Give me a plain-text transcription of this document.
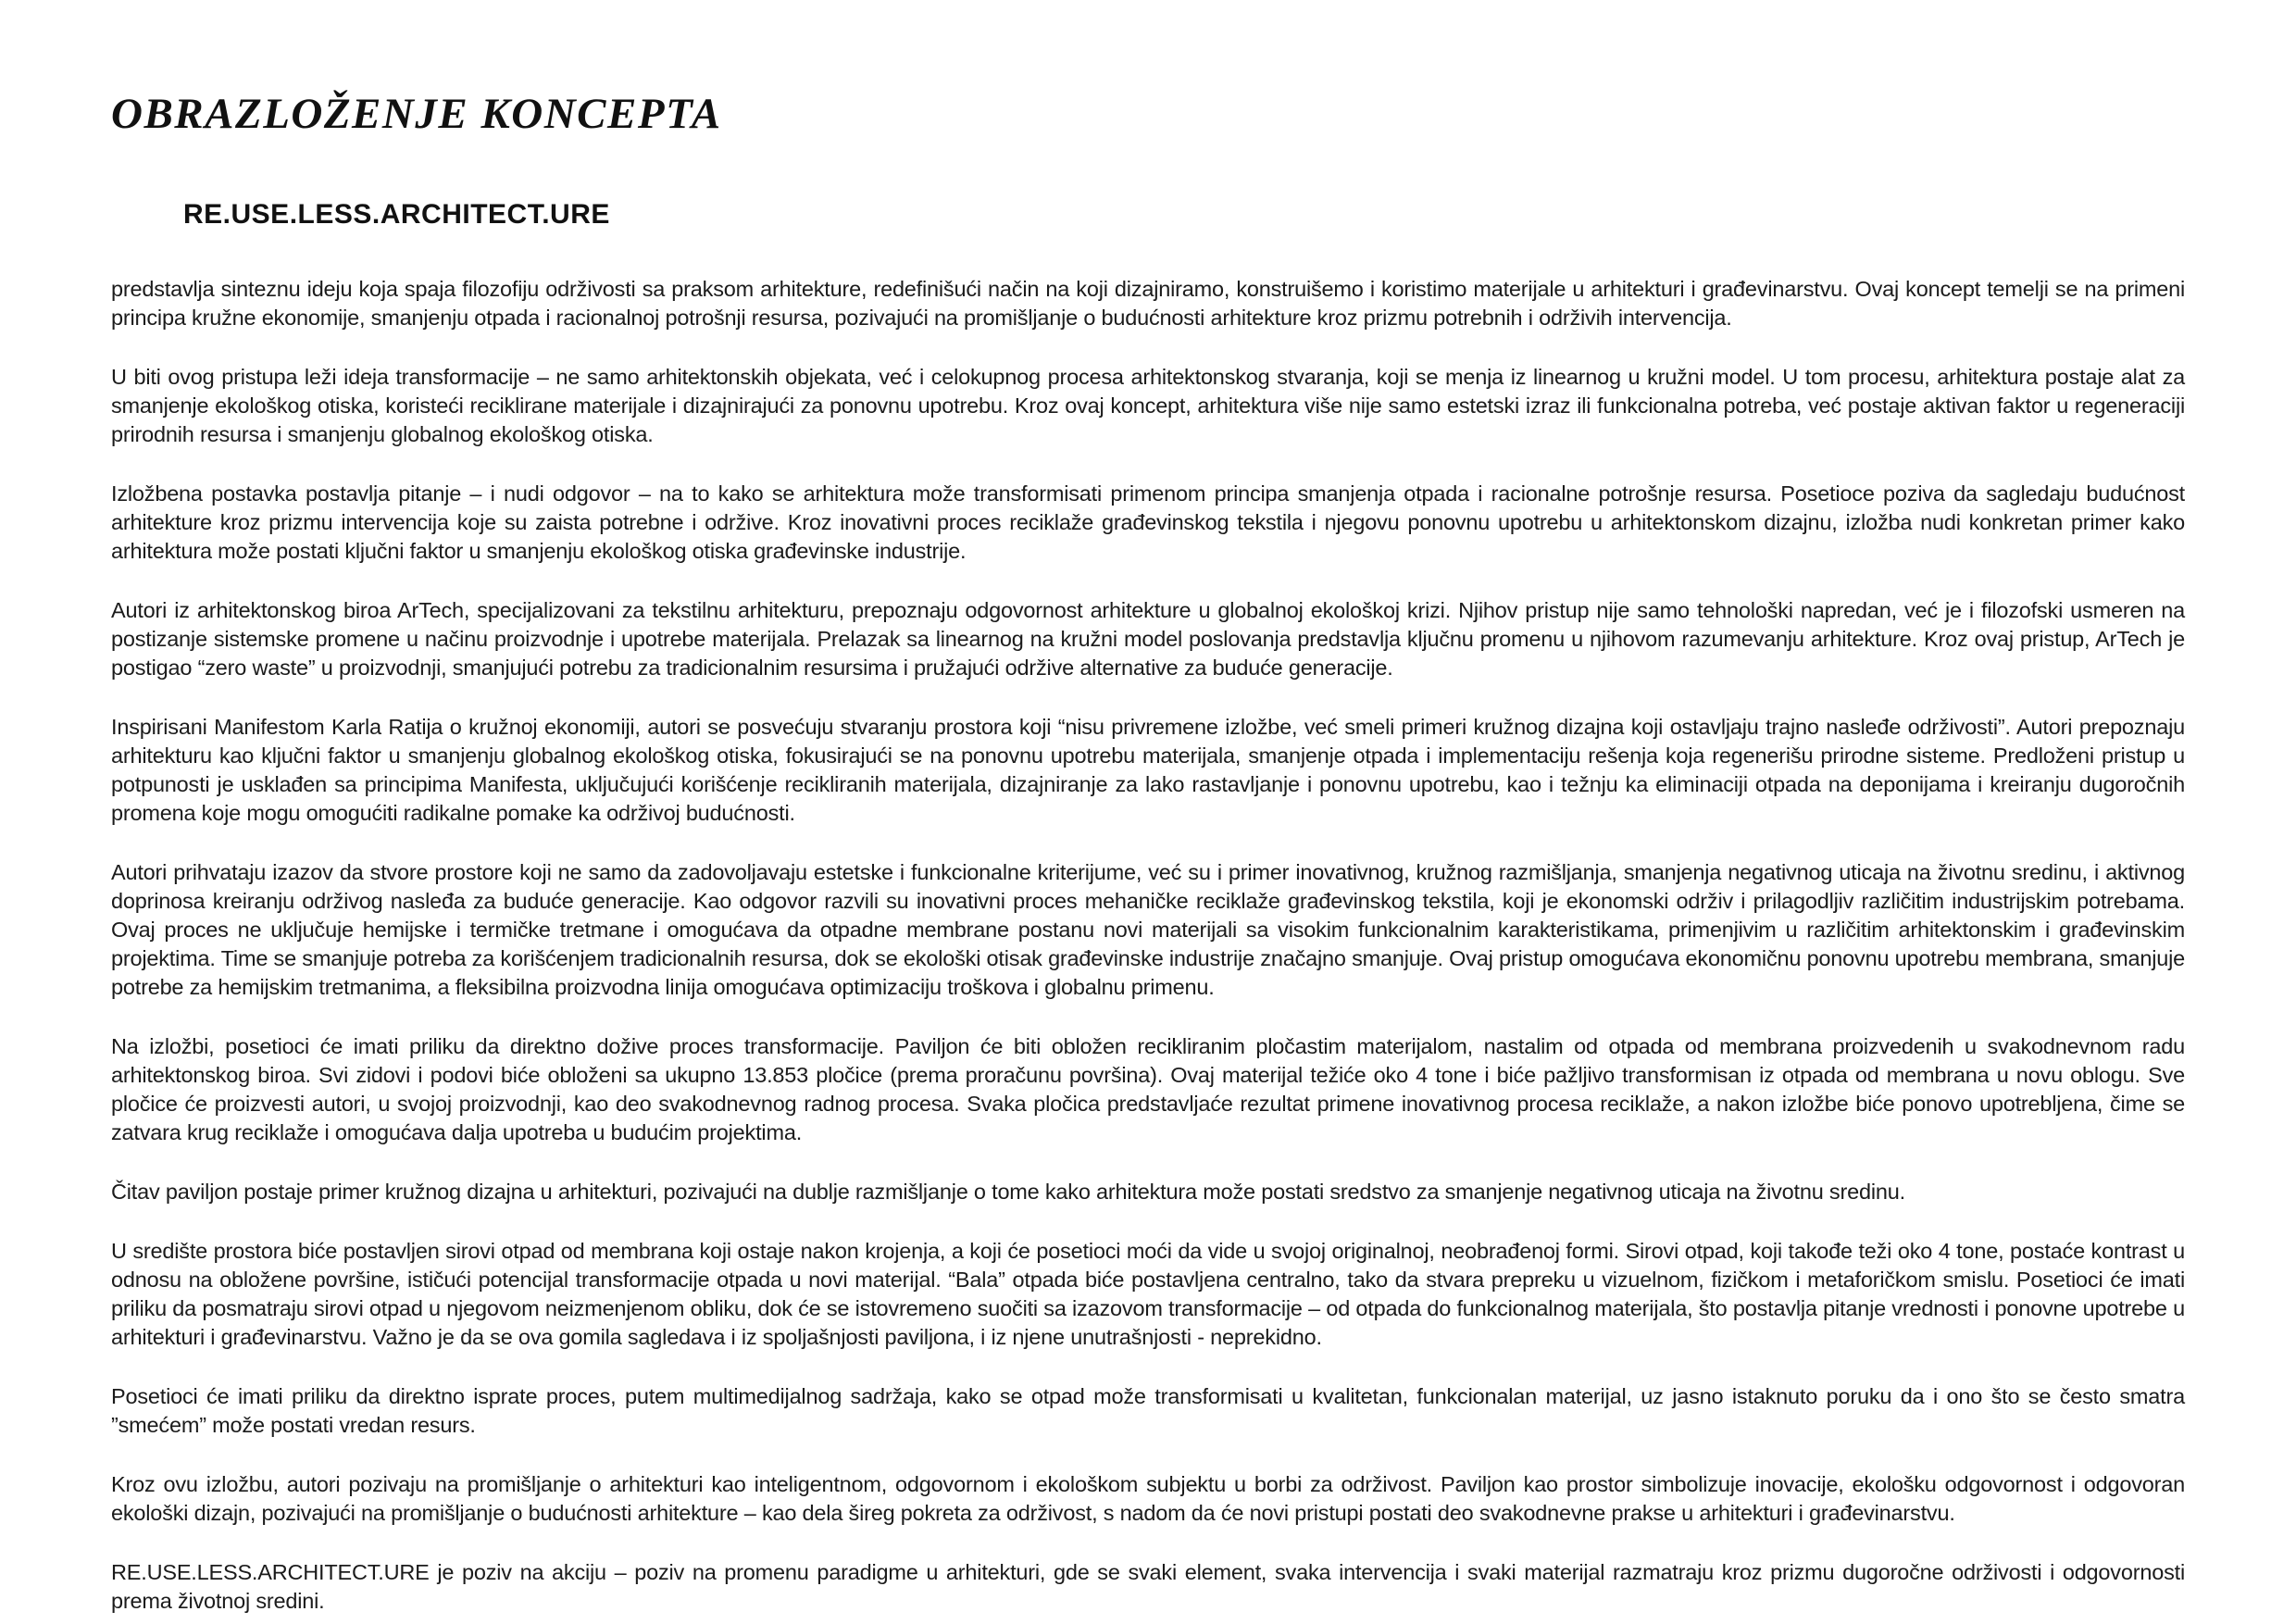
OBRAZLOŽENJE KONCEPTA
RE.USE.LESS.ARCHITECT.URE

predstavlja sinteznu ideju koja spaja filozofiju održivosti sa praksom arhitekture, redefinišući način na koji dizajniramo, konstruišemo i koristimo materijale u arhitekturi i građevinarstvu. Ovaj koncept temelji se na primeni principa kružne ekonomije, smanjenju otpada i racionalnoj potrošnji resursa, pozivajući na promišljanje o budućnosti arhitekture kroz prizmu potrebnih i održivih intervencija.

U biti ovog pristupa leži ideja transformacije – ne samo arhitektonskih objekata, već i celokupnog procesa arhitektonskog stvaranja, koji se menja iz linearnog u kružni model. U tom procesu, arhitektura postaje alat za smanjenje ekološkog otiska, koristeći reciklirane materijale i dizajnirajući za ponovnu upotrebu. Kroz ovaj koncept, arhitektura više nije samo estetski izraz ili funkcionalna potreba, već postaje aktivan faktor u regeneraciji prirodnih resursa i smanjenju globalnog ekološkog otiska.

Izložbena postavka postavlja pitanje – i nudi odgovor – na to kako se arhitektura može transformisati primenom principa smanjenja otpada i racionalne potrošnje resursa. Posetioce poziva da sagledaju budućnost arhitekture kroz prizmu intervencija koje su zaista potrebne i održive. Kroz inovativni proces reciklaže građevinskog tekstila i njegovu ponovnu upotrebu u arhitektonskom dizajnu, izložba nudi konkretan primer kako arhitektura može postati ključni faktor u smanjenju ekološkog otiska građevinske industrije.

Autori iz arhitektonskog biroa ArTech, specijalizovani za tekstilnu arhitekturu, prepoznaju odgovornost arhitekture u globalnoj ekološkoj krizi. Njihov pristup nije samo tehnološki napredan, već je i filozofski usmeren na postizanje sistemske promene u načinu proizvodnje i upotrebe materijala. Prelazak sa linearnog na kružni model poslovanja predstavlja ključnu promenu u njihovom razumevanju arhitekture. Kroz ovaj pristup, ArTech je postigao “zero waste” u proizvodnji, smanjujući potrebu za tradicionalnim resursima i pružajući održive alternative za buduće generacije.

Inspirisani Manifestom Karla Ratija o kružnoj ekonomiji, autori se posvećuju stvaranju prostora koji “nisu privremene izložbe, već smeli primeri kružnog dizajna koji ostavljaju trajno nasleđe održivosti”. Autori prepoznaju arhitekturu kao ključni faktor u smanjenju globalnog ekološkog otiska, fokusirajući se na ponovnu upotrebu materijala, smanjenje otpada i implementaciju rešenja koja regenerišu prirodne sisteme. Predloženi pristup u potpunosti je usklađen sa principima Manifesta, uključujući korišćenje recikliranih materijala, dizajniranje za lako rastavljanje i ponovnu upotrebu, kao i težnju ka eliminaciji otpada na deponijama i kreiranju dugoročnih promena koje mogu omogućiti radikalne pomake ka održivoj budućnosti.

Autori prihvataju izazov da stvore prostore koji ne samo da zadovoljavaju estetske i funkcionalne kriterijume, već su i primer inovativnog, kružnog razmišljanja, smanjenja negativnog uticaja na životnu sredinu, i aktivnog doprinosa kreiranju održivog nasleđa za buduće generacije. Kao odgovor razvili su inovativni proces mehaničke reciklaže građevinskog tekstila, koji je ekonomski održiv i prilagodljiv različitim industrijskim potrebama. Ovaj proces ne uključuje hemijske i termičke tretmane i omogućava da otpadne membrane postanu novi materijali sa visokim funkcionalnim karakteristikama, primenjivim u različitim arhitektonskim i građevinskim projektima. Time se smanjuje potreba za korišćenjem tradicionalnih resursa, dok se ekološki otisak građevinske industrije značajno smanjuje. Ovaj pristup omogućava ekonomičnu ponovnu upotrebu membrana, smanjuje potrebe za hemijskim tretmanima, a fleksibilna proizvodna linija omogućava optimizaciju troškova i globalnu primenu.

Na izložbi, posetioci će imati priliku da direktno dožive proces transformacije. Paviljon će biti obložen recikliranim pločastim materijalom, nastalim od otpada od membrana proizvedenih u svakodnevnom radu arhitektonskog biroa. Svi zidovi i podovi biće obloženi sa ukupno 13.853 pločice (prema proračunu površina). Ovaj materijal težiće oko 4 tone i biće pažljivo transformisan iz otpada od membrana u novu oblogu. Sve pločice će proizvesti autori, u svojoj proizvodnji, kao deo svakodnevnog radnog procesa. Svaka pločica predstavljaće rezultat primene inovativnog procesa reciklaže, a nakon izložbe biće ponovo upotrebljena, čime se zatvara krug reciklaže i omogućava dalja upotreba u budućim projektima.

Čitav paviljon postaje primer kružnog dizajna u arhitekturi, pozivajući na dublje razmišljanje o tome kako arhitektura može postati sredstvo za smanjenje negativnog uticaja na životnu sredinu.

U središte prostora biće postavljen sirovi otpad od membrana koji ostaje nakon krojenja, a koji će posetioci moći da vide u svojoj originalnoj, neobrađenoj formi. Sirovi otpad, koji takođe teži oko 4 tone, postaće kontrast u odnosu na obložene površine, ističući potencijal transformacije otpada u novi materijal. “Bala” otpada biće postavljena centralno, tako da stvara prepreku u vizuelnom, fizičkom i metaforičkom smislu. Posetioci će imati priliku da posmatraju sirovi otpad u njegovom neizmenjenom obliku, dok će se istovremeno suočiti sa izazovom transformacije – od otpada do funkcionalnog materijala, što postavlja pitanje vrednosti i ponovne upotrebe u arhitekturi i građevinarstvu. Važno je da se ova gomila sagledava i iz spoljašnjosti paviljona, i iz njene unutrašnjosti - neprekidno.

Posetioci će imati priliku da direktno isprate proces, putem multimedijalnog sadržaja, kako se otpad može transformisati u kvalitetan, funkcionalan materijal, uz jasno istaknuto poruku da i ono što se često smatra ”smećem” može postati vredan resurs.

Kroz ovu izložbu, autori pozivaju na promišljanje o arhitekturi kao inteligentnom, odgovornom i ekološkom subjektu u borbi za održivost. Paviljon kao prostor simbolizuje inovacije, ekološku odgovornost i odgovoran ekološki dizajn, pozivajući na promišljanje o budućnosti arhitekture – kao dela šireg pokreta za održivost, s nadom da će novi pristupi postati deo svakodnevne prakse u arhitekturi i građevinarstvu.

RE.USE.LESS.ARCHITECT.URE je poziv na akciju – poziv na promenu paradigme u arhitekturi, gde se svaki element, svaka intervencija i svaki materijal razmatraju kroz prizmu dugoročne održivosti i odgovornosti prema životnoj sredini.
